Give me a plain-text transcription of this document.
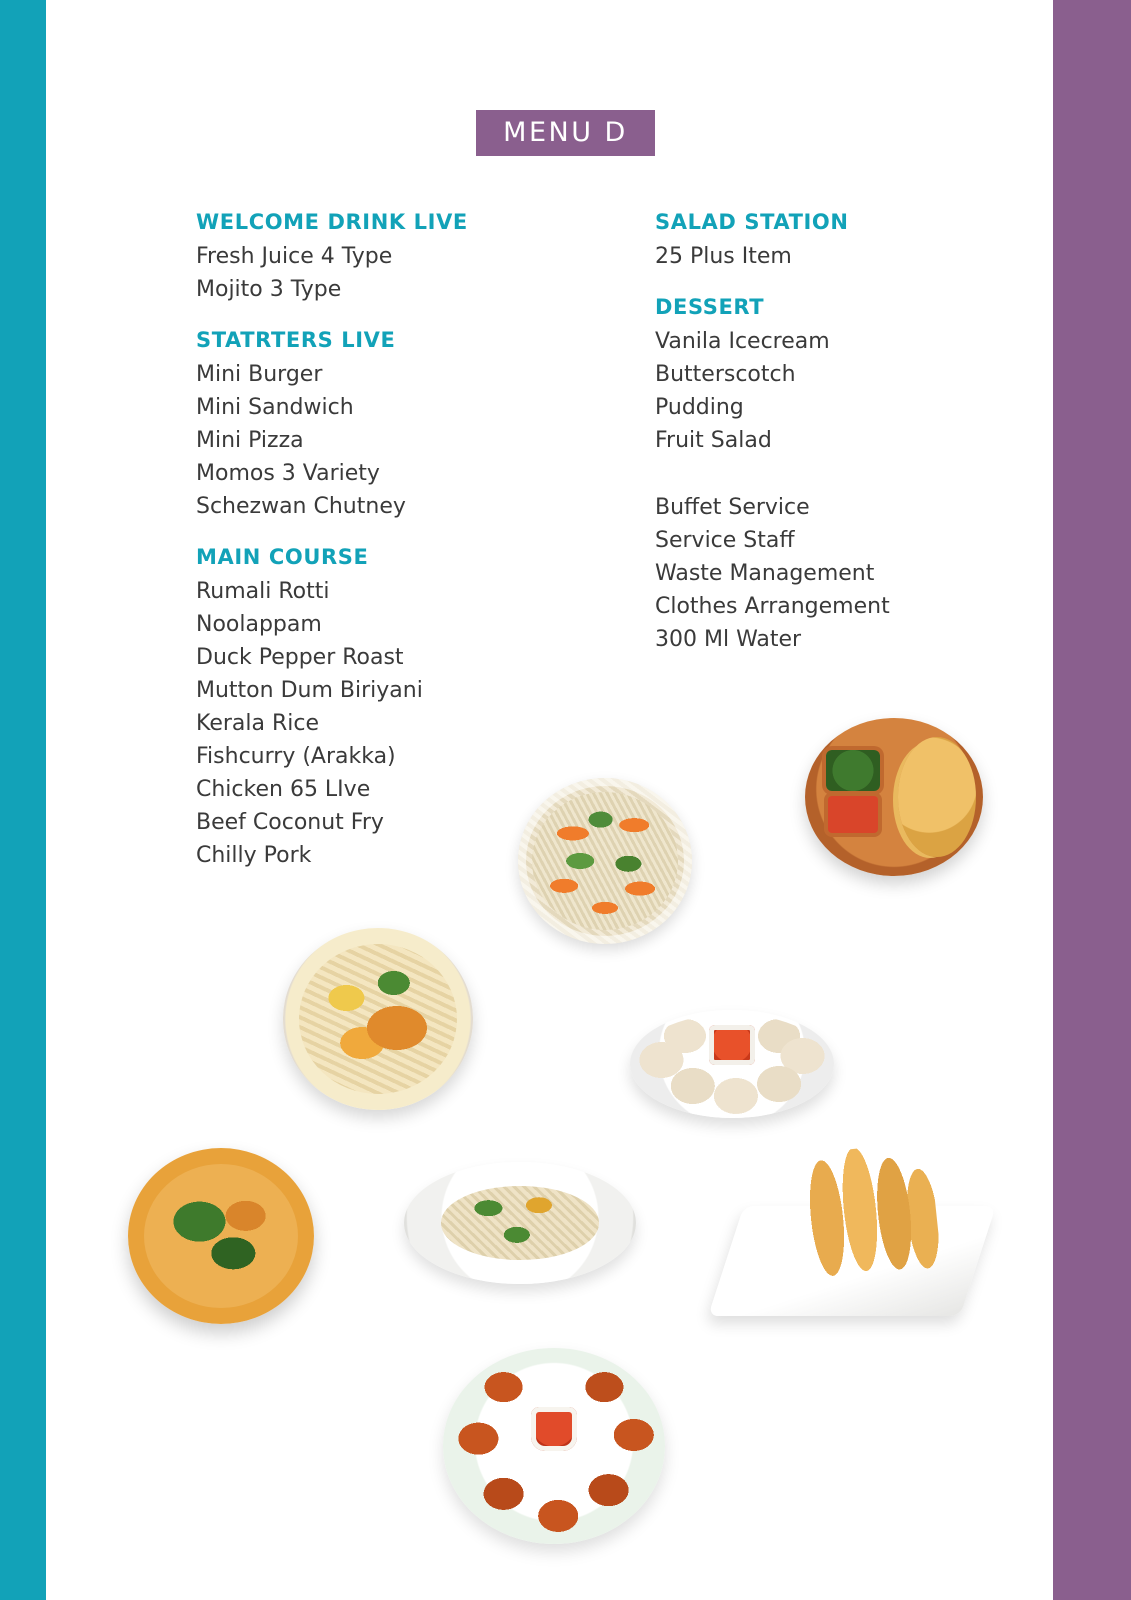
MENU D
WELCOME DRINK LIVE
Fresh Juice 4 Type
Mojito 3 Type
STATRTERS LIVE
Mini Burger
Mini Sandwich
Mini Pizza
Momos 3 Variety
Schezwan Chutney
MAIN COURSE
Rumali Rotti
Noolappam
Duck Pepper Roast
Mutton Dum Biriyani
Kerala Rice
Fishcurry (Arakka)
Chicken 65 LIve
Beef Coconut Fry
Chilly Pork
SALAD STATION
25 Plus Item
DESSERT
Vanila Icecream
Butterscotch
Pudding
Fruit Salad
Buffet Service
Service Staff
Waste Management
Clothes Arrangement
300 Ml Water
